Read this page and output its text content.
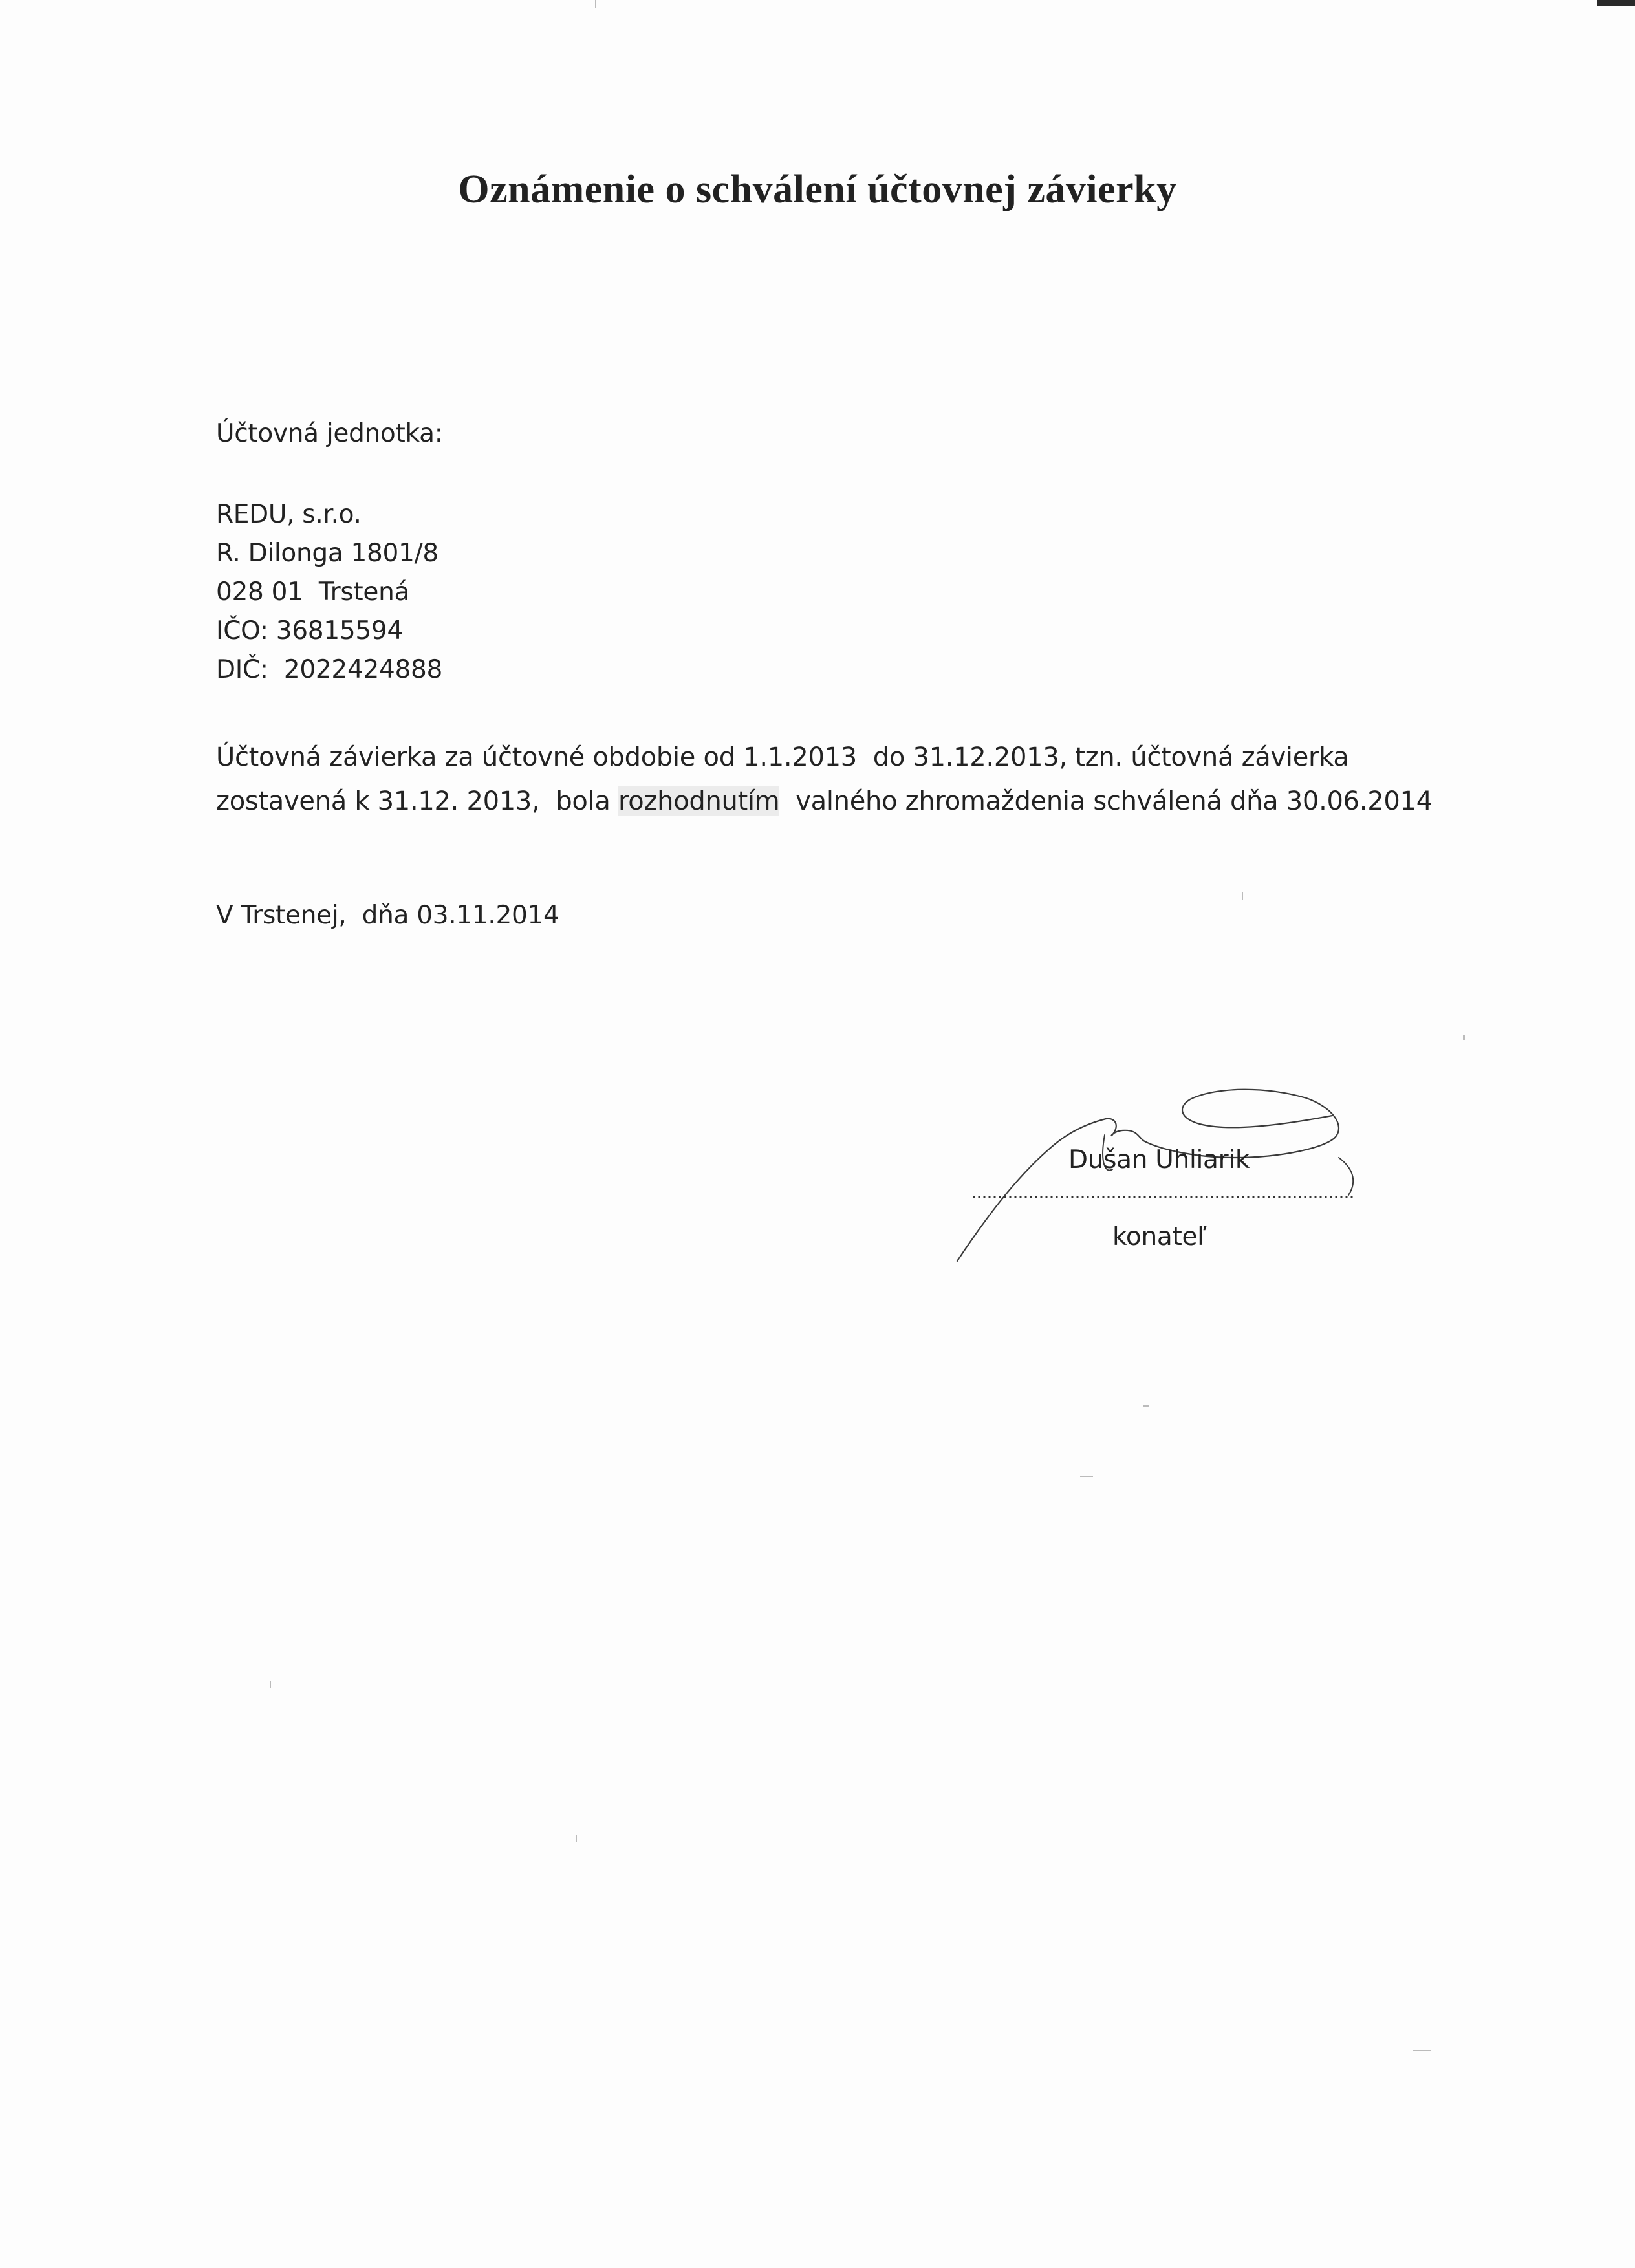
Oznámenie o schválení účtovnej závierky
Účtovná jednotka:
REDU, s.r.o.
R. Dilonga 1801/8
028 01  Trstená
IČO: 36815594
DIČ:  2022424888
Účtovná závierka za účtovné obdobie od 1.1.2013  do 31.12.2013, tzn. účtovná závierka
zostavená k 31.12. 2013,  bola rozhodnutím  valného zhromaždenia schválená dňa 30.06.2014
V Trstenej,  dňa 03.11.2014
Dušan Uhliarik
konateľ
